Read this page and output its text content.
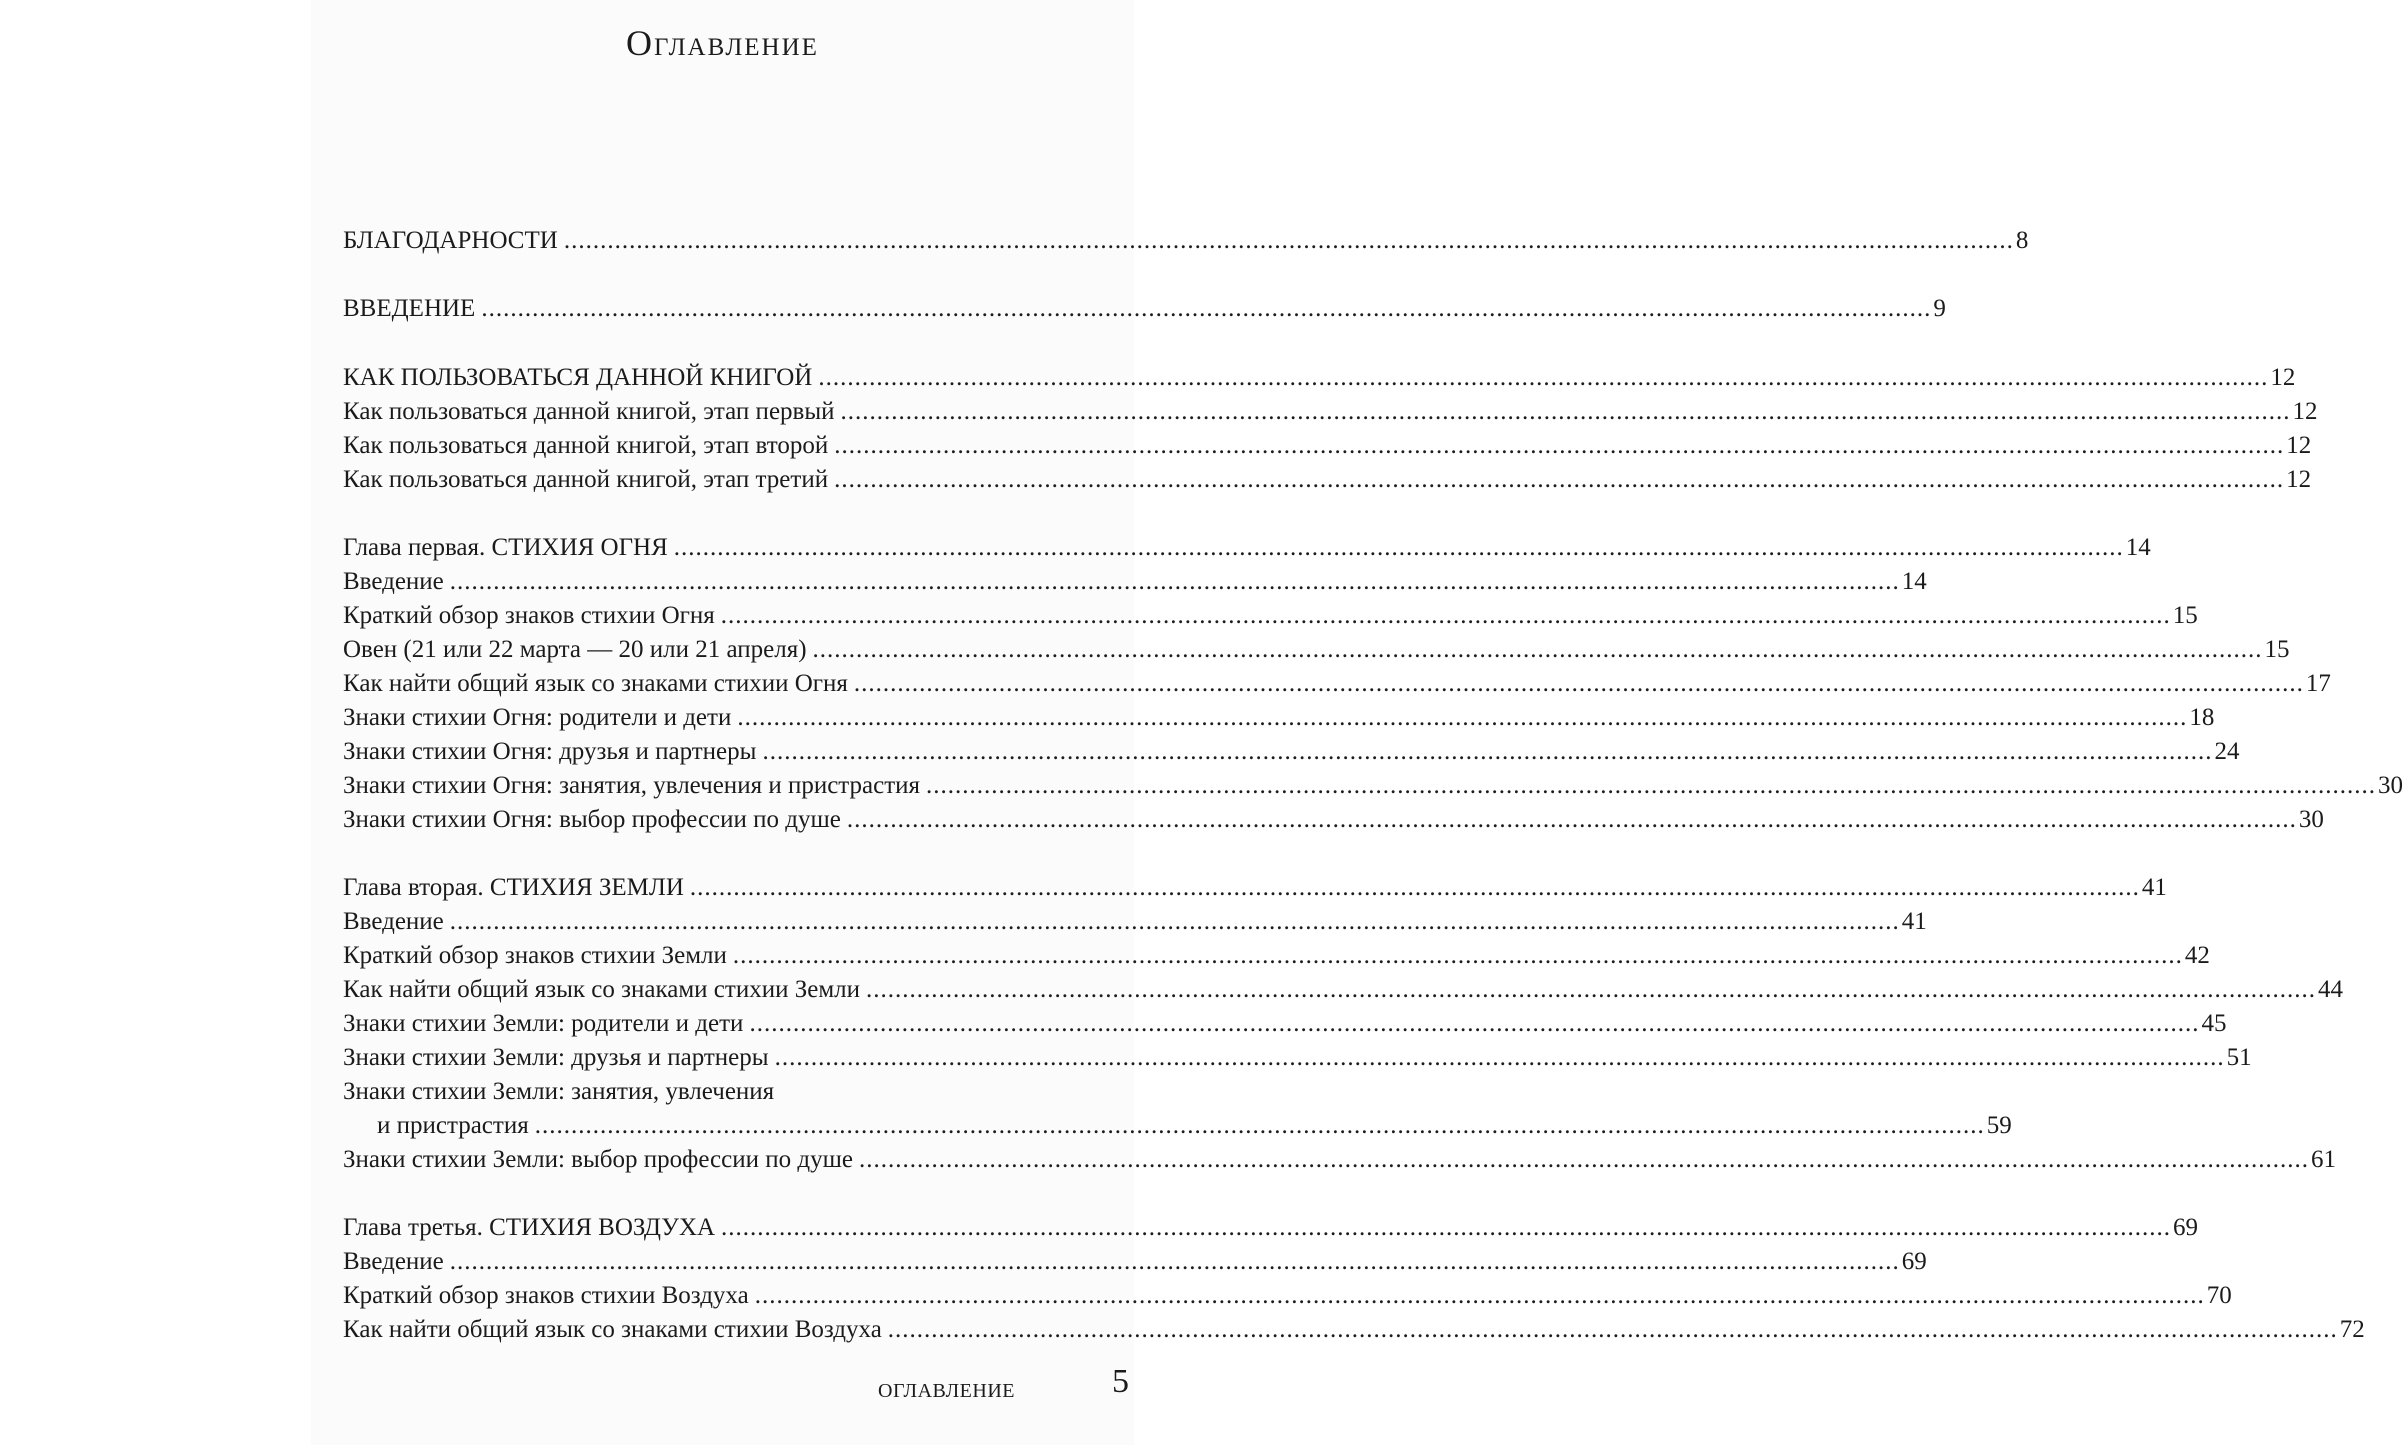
Оглавление
БЛАГОДАРНОСТИ ........................................................................................................................................................................................................ 8
ВВЕДЕНИЕ ........................................................................................................................................................................................................ 9
КАК ПОЛЬЗОВАТЬСЯ ДАННОЙ КНИГОЙ ........................................................................................................................................................................................................ 12
Как пользоваться данной книгой, этап первый ........................................................................................................................................................................................................ 12
Как пользоваться данной книгой, этап второй ........................................................................................................................................................................................................ 12
Как пользоваться данной книгой, этап третий ........................................................................................................................................................................................................ 12
Глава первая. СТИХИЯ ОГНЯ ........................................................................................................................................................................................................ 14
Введение ........................................................................................................................................................................................................ 14
Краткий обзор знаков стихии Огня ........................................................................................................................................................................................................ 15
Овен (21 или 22 марта — 20 или 21 апреля) ........................................................................................................................................................................................................ 15
Как найти общий язык со знаками стихии Огня ........................................................................................................................................................................................................ 17
Знаки стихии Огня: родители и дети ........................................................................................................................................................................................................ 18
Знаки стихии Огня: друзья и партнеры ........................................................................................................................................................................................................ 24
Знаки стихии Огня: занятия, увлечения и пристрастия ........................................................................................................................................................................................................ 30
Знаки стихии Огня: выбор профессии по душе ........................................................................................................................................................................................................ 30
Глава вторая. СТИХИЯ ЗЕМЛИ ........................................................................................................................................................................................................ 41
Введение ........................................................................................................................................................................................................ 41
Краткий обзор знаков стихии Земли ........................................................................................................................................................................................................ 42
Как найти общий язык со знаками стихии Земли ........................................................................................................................................................................................................ 44
Знаки стихии Земли: родители и дети ........................................................................................................................................................................................................ 45
Знаки стихии Земли: друзья и партнеры ........................................................................................................................................................................................................ 51
Знаки стихии Земли: занятия, увлечения
и пристрастия ........................................................................................................................................................................................................ 59
Знаки стихии Земли: выбор профессии по душе ........................................................................................................................................................................................................ 61
Глава третья. СТИХИЯ ВОЗДУХА ........................................................................................................................................................................................................ 69
Введение ........................................................................................................................................................................................................ 69
Краткий обзор знаков стихии Воздуха ........................................................................................................................................................................................................ 70
Как найти общий язык со знаками стихии Воздуха ........................................................................................................................................................................................................ 72
ОГЛАВЛЕНИЕ	5
